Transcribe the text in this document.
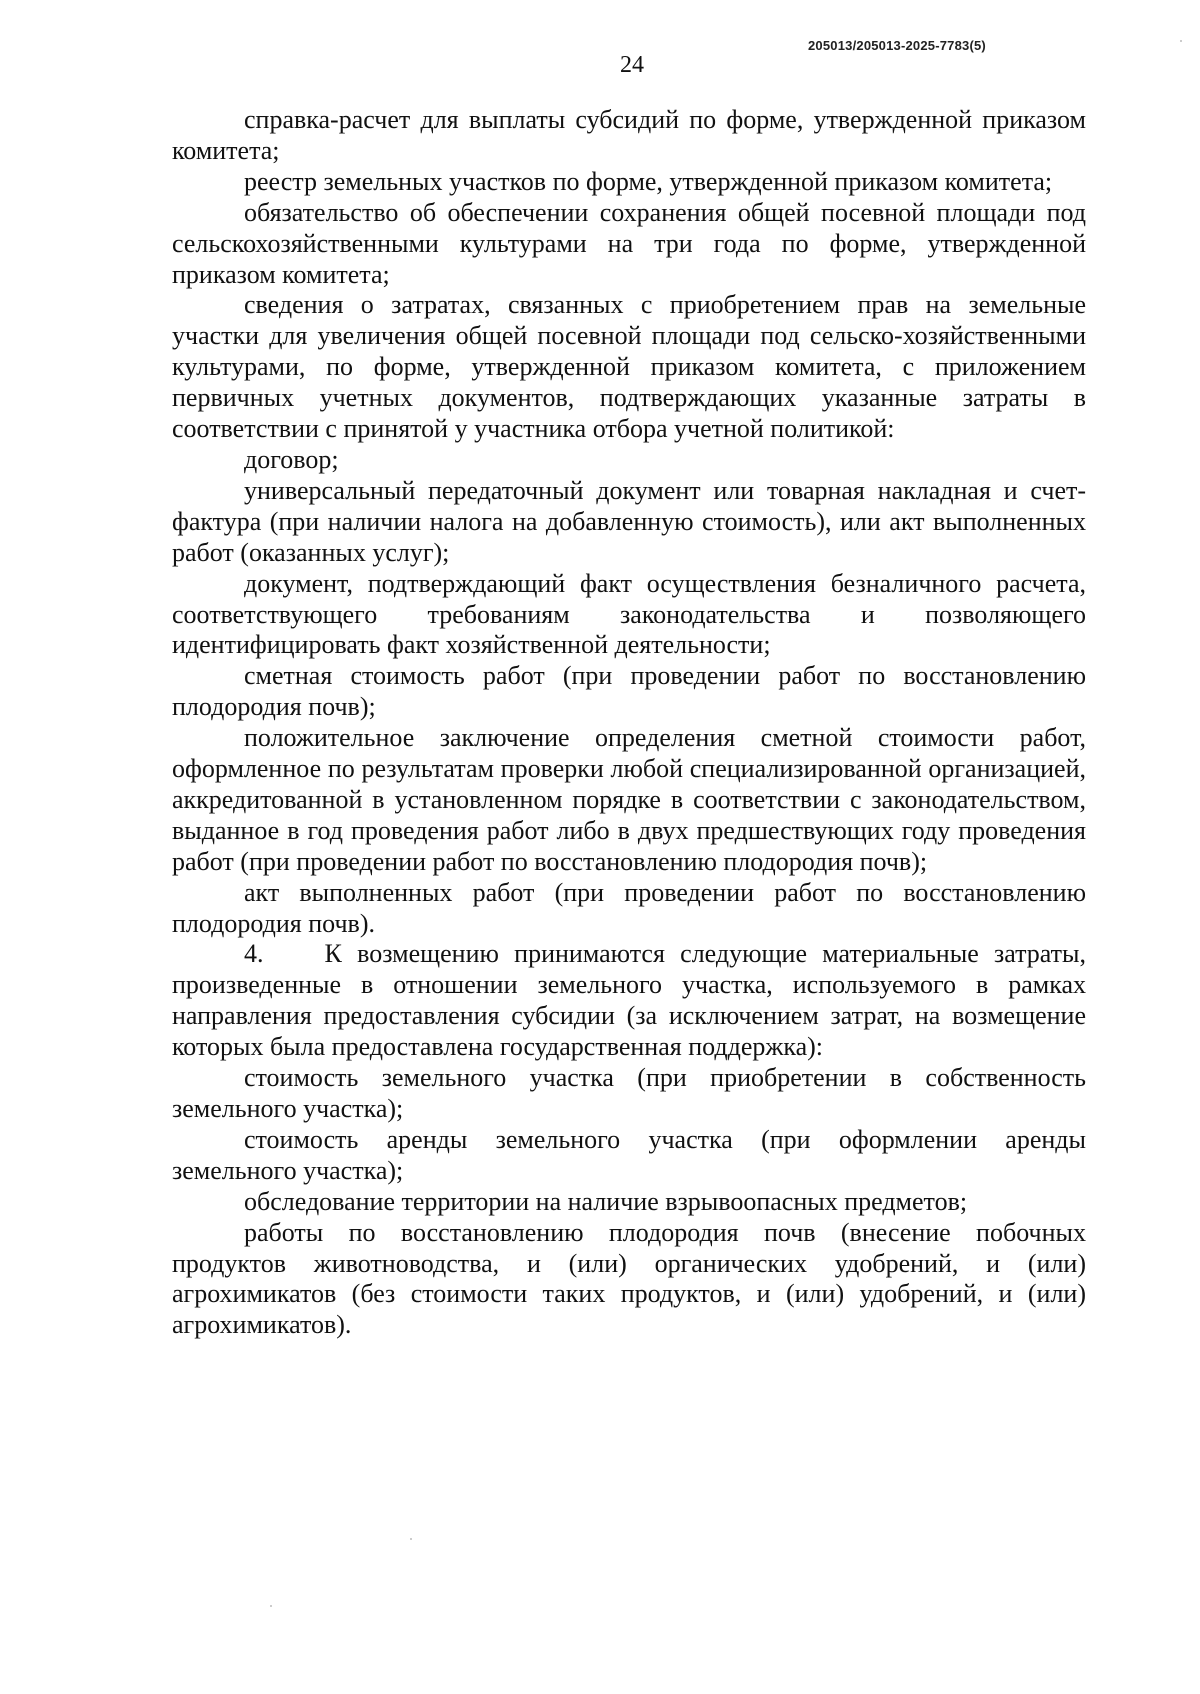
205013/205013-2025-7783(5)
24

справка-расчет для выплаты субсидий по форме, утвержденной приказом комитета;

реестр земельных участков по форме, утвержденной приказом комитета;

обязательство об обеспечении сохранения общей посевной площади под сельскохозяйственными культурами на три года по форме, утвержденной приказом комитета;

сведения о затратах, связанных с приобретением прав на земельные участки для увеличения общей посевной площади под сельско-хозяйственными культурами, по форме, утвержденной приказом комитета, с приложением первичных учетных документов, подтверждающих указанные затраты в соответствии с принятой у участника отбора учетной политикой:

договор;

универсальный передаточный документ или товарная накладная и счет-фактура (при наличии налога на добавленную стоимость), или акт выполненных работ (оказанных услуг);

документ, подтверждающий факт осуществления безналичного расчета, соответствующего требованиям законодательства и позволяющего идентифицировать факт хозяйственной деятельности;

сметная стоимость работ (при проведении работ по восстановлению плодородия почв);

положительное заключение определения сметной стоимости работ, оформленное по результатам проверки любой специализированной организацией, аккредитованной в установленном порядке в соответствии с законодательством, выданное в год проведения работ либо в двух предшествующих году проведения работ (при проведении работ по восстановлению плодородия почв);

акт выполненных работ (при проведении работ по восстановлению плодородия почв).

4.    К возмещению принимаются следующие материальные затраты, произведенные в отношении земельного участка, используемого в рамках направления предоставления субсидии (за исключением затрат, на возмещение которых была предоставлена государственная поддержка):

стоимость земельного участка (при приобретении в собственность земельного участка);

стоимость аренды земельного участка (при оформлении аренды земельного участка);

обследование территории на наличие взрывоопасных предметов;

работы по восстановлению плодородия почв (внесение побочных продуктов животноводства, и (или) органических удобрений, и (или) агрохимикатов (без стоимости таких продуктов, и (или) удобрений, и (или) агрохимикатов).
